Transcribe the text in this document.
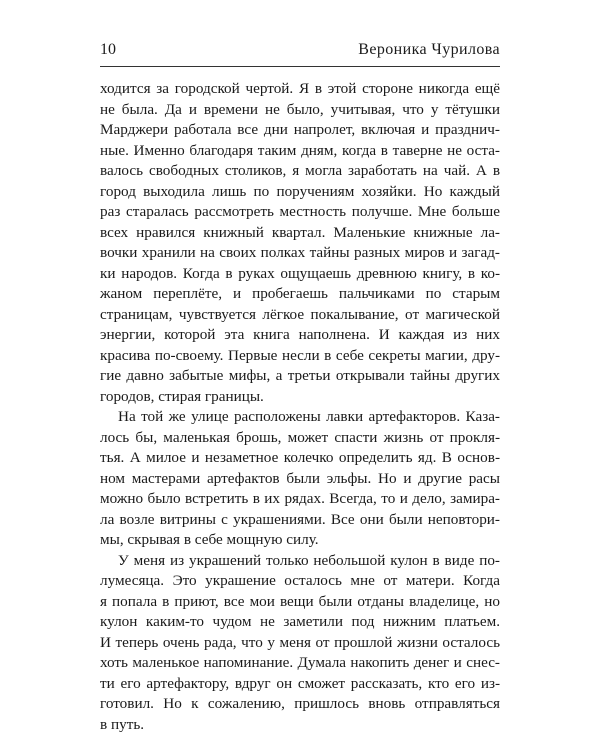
10	Вероника Чурилова
ходится за городской чертой. Я в этой стороне никогда ещё
не была. Да и времени не было, учитывая, что у тётушки
Марджери работала все дни напролет, включая и празднич-
ные. Именно благодаря таким дням, когда в таверне не оста-
валось свободных столиков, я могла заработать на чай. А в
город выходила лишь по поручениям хозяйки. Но каждый
раз старалась рассмотреть местность получше. Мне больше
всех нравился книжный квартал. Маленькие книжные ла-
вочки хранили на своих полках тайны разных миров и загад-
ки народов. Когда в руках ощущаешь древнюю книгу, в ко-
жаном переплёте, и пробегаешь пальчиками по старым
страницам, чувствуется лёгкое покалывание, от магической
энергии, которой эта книга наполнена. И каждая из них
красива по-своему. Первые несли в себе секреты магии, дру-
гие давно забытые мифы, а третьи открывали тайны других
городов, стирая границы.
На той же улице расположены лавки артефакторов. Каза-
лось бы, маленькая брошь, может спасти жизнь от прокля-
тья. А милое и незаметное колечко определить яд. В основ-
ном мастерами артефактов были эльфы. Но и другие расы
можно было встретить в их рядах. Всегда, то и дело, замира-
ла возле витрины с украшениями. Все они были неповтори-
мы, скрывая в себе мощную силу.
У меня из украшений только небольшой кулон в виде по-
лумесяца. Это украшение осталось мне от матери. Когда
я попала в приют, все мои вещи были отданы владелице, но
кулон каким-то чудом не заметили под нижним платьем.
И теперь очень рада, что у меня от прошлой жизни осталось
хоть маленькое напоминание. Думала накопить денег и снес-
ти его артефактору, вдруг он сможет рассказать, кто его из-
готовил. Но к сожалению, пришлось вновь отправляться
в путь.
